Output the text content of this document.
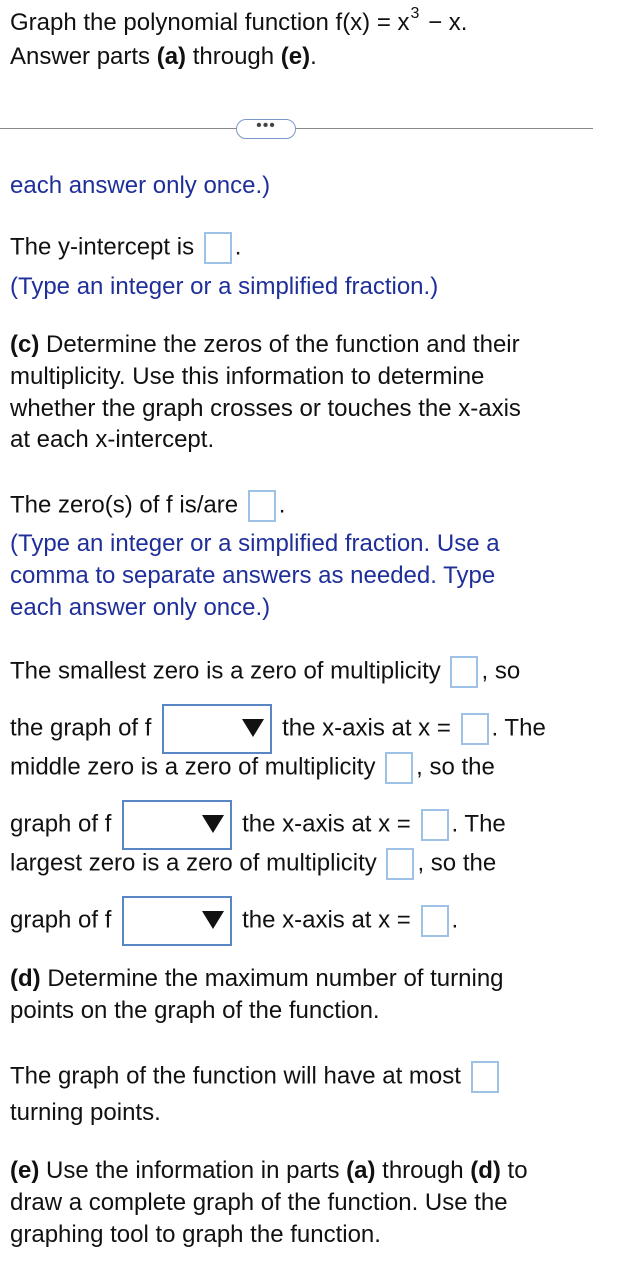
Graph the polynomial function $f(x) = x^3 - x$.
Answer parts (a) through (e).
•••
each answer only once.)
The y-intercept is .
(Type an integer or a simplified fraction.)
(c) Determine the zeros of the function and their
multiplicity. Use this information to determine
whether the graph crosses or touches the x-axis
at each x-intercept.
The zero(s) of f is/are .
(Type an integer or a simplified fraction. Use a
comma to separate answers as needed. Type
each answer only once.)
The smallest zero is a zero of multiplicity , so
the graph of f	the x-axis at x = . The
middle zero is a zero of multiplicity , so the
graph of f	the x-axis at x = . The
largest zero is a zero of multiplicity , so the
graph of f	the x-axis at x = .
(d) Determine the maximum number of turning
points on the graph of the function.
The graph of the function will have at most
turning points.
(e) Use the information in parts (a) through (d) to
draw a complete graph of the function. Use the
graphing tool to graph the function.
